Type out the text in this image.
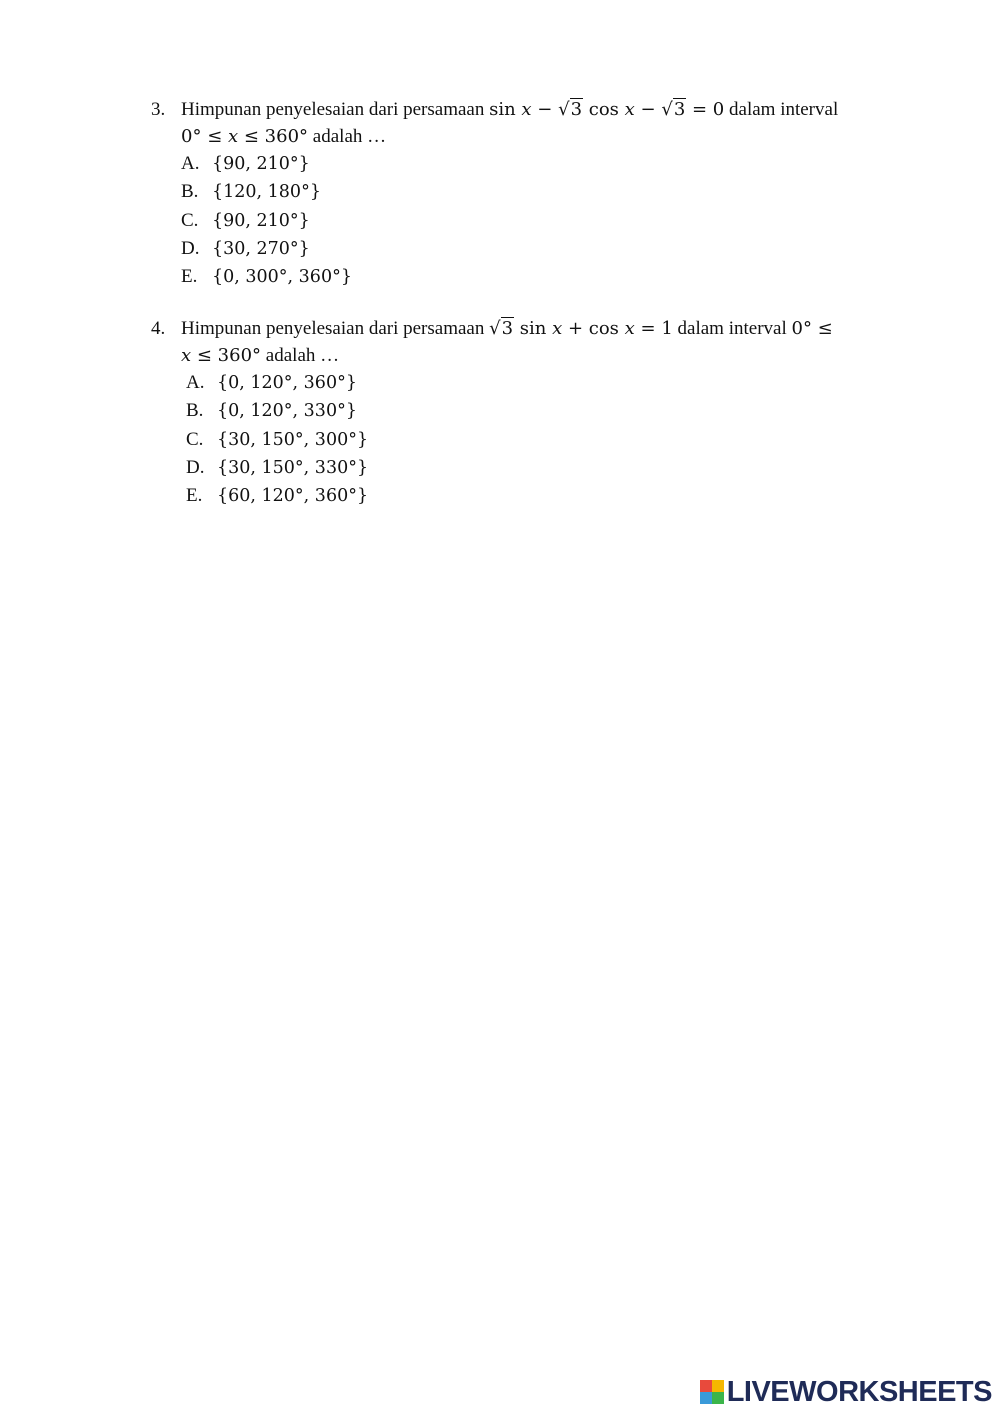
3. Himpunan penyelesaian dari persamaan sin x − √3 cos x − √3 = 0 dalam interval
0° ≤ x ≤ 360° adalah …
A. {90, 210°}
B. {120, 180°}
C. {90, 210°}
D. {30, 270°}
E. {0, 300°, 360°}
4. Himpunan penyelesaian dari persamaan √3 sin x + cos x = 1 dalam interval 0° ≤
x ≤ 360° adalah …
A. {0, 120°, 360°}
B. {0, 120°, 330°}
C. {30, 150°, 300°}
D. {30, 150°, 330°}
E. {60, 120°, 360°}
LIVEWORKSHEETS
